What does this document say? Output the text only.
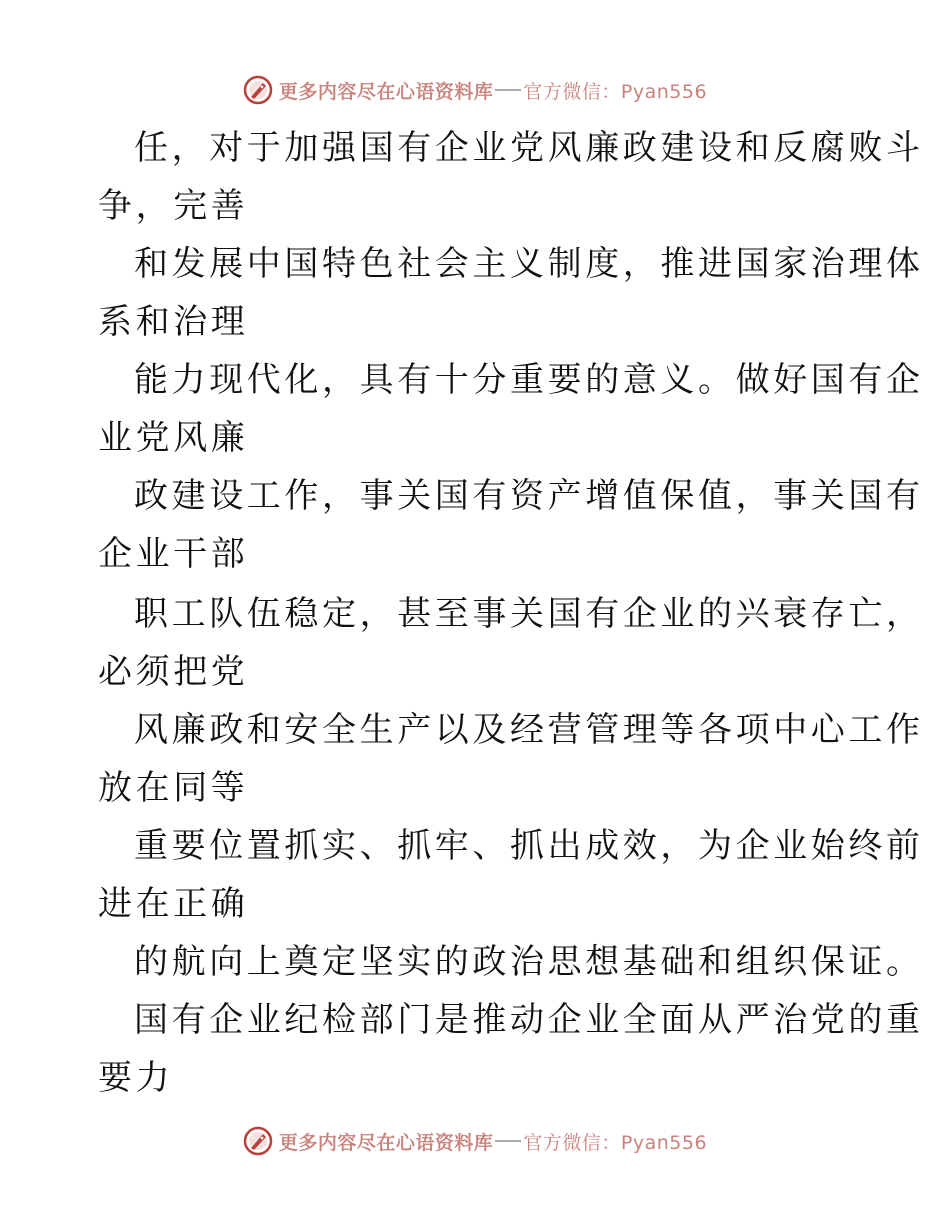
更多内容尽在心语资料库 官方微信：Pyan556
任，对于加强国有企业党风廉政建设和反腐败斗
争，完善
和发展中国特色社会主义制度，推进国家治理体
系和治理
能力现代化，具有十分重要的意义。做好国有企
业党风廉
政建设工作，事关国有资产增值保值，事关国有
企业干部
职工队伍稳定，甚至事关国有企业的兴衰存亡，
必须把党
风廉政和安全生产以及经营管理等各项中心工作
放在同等
重要位置抓实、抓牢、抓出成效，为企业始终前
进在正确
的航向上奠定坚实的政治思想基础和组织保证。
国有企业纪检部门是推动企业全面从严治党的重
要力
更多内容尽在心语资料库 官方微信：Pyan556
